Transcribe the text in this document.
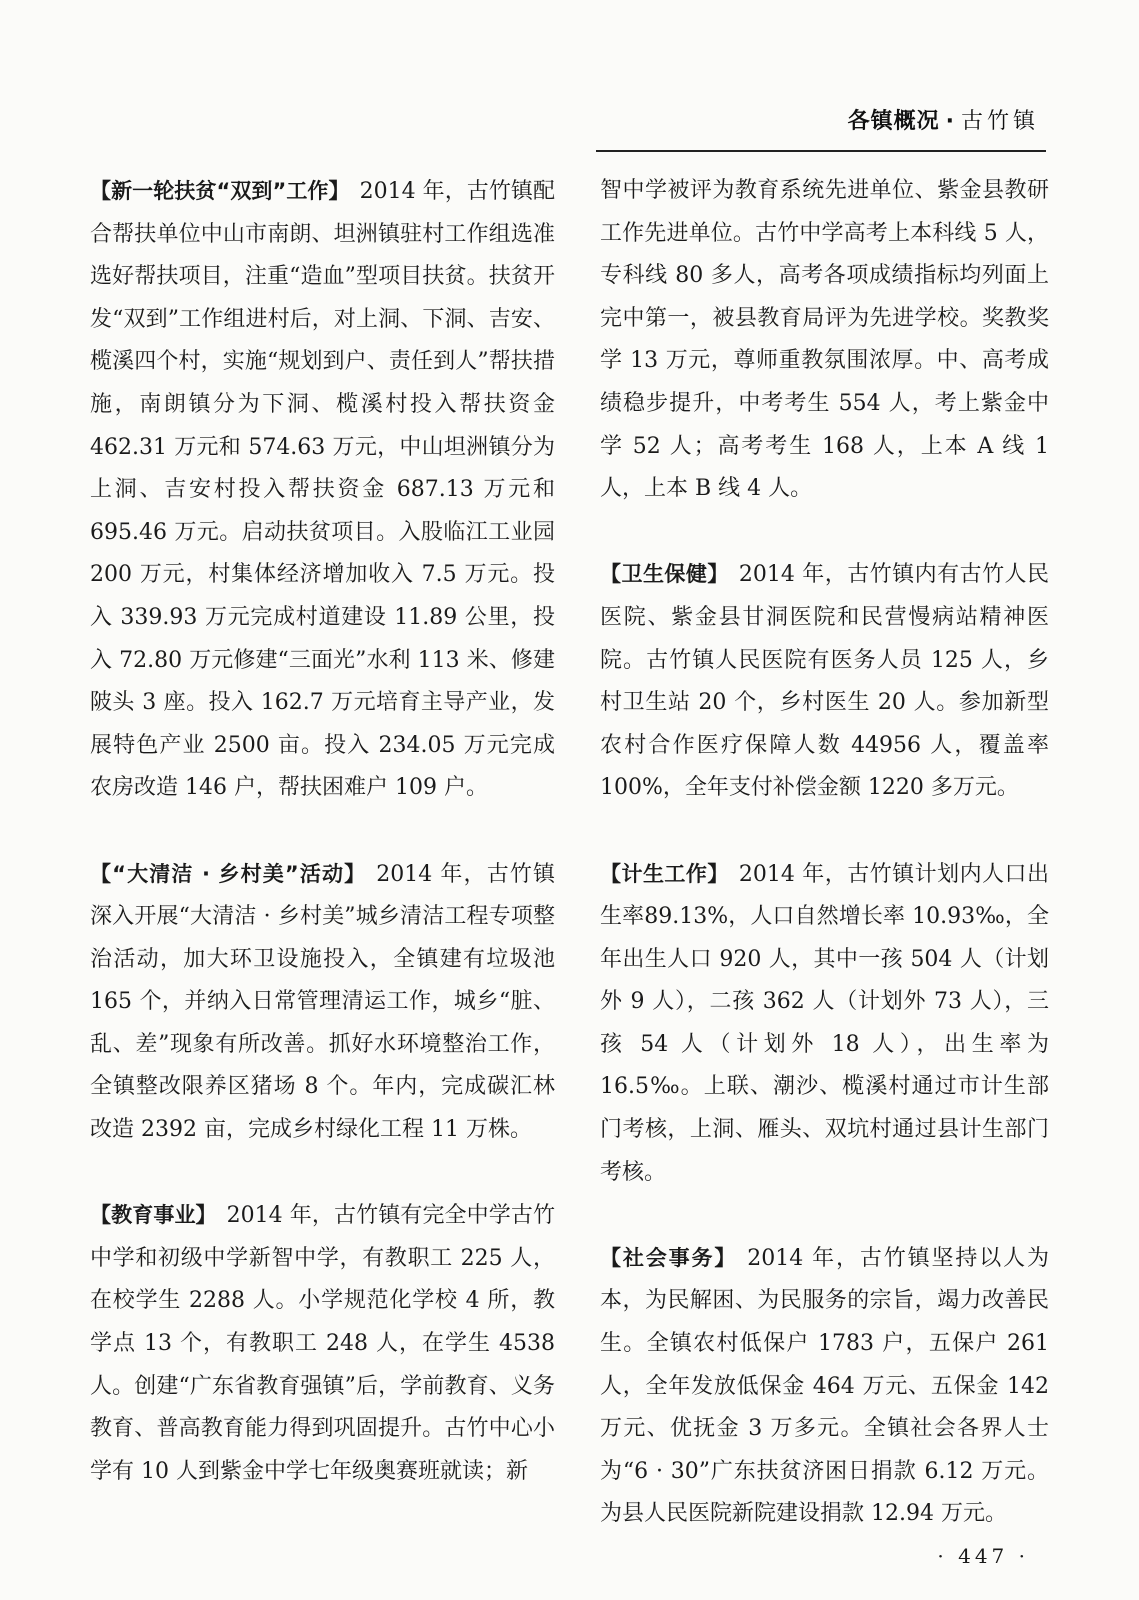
各镇概况 · 古竹镇

【新一轮扶贫“双到”工作】 2014 年，古竹镇配合帮扶单位中山市南朗、坦洲镇驻村工作组选准选好帮扶项目，注重“造血”型项目扶贫。扶贫开发“双到”工作组进村后，对上洞、下洞、吉安、榄溪四个村，实施“规划到户、责任到人”帮扶措施，南朗镇分为下洞、榄溪村投入帮扶资金 462.31 万元和 574.63 万元，中山坦洲镇分为上洞、吉安村投入帮扶资金 687.13 万元和 695.46 万元。启动扶贫项目。入股临江工业园 200 万元，村集体经济增加收入 7.5 万元。投入 339.93 万元完成村道建设 11.89 公里，投入 72.80 万元修建“三面光”水利 113 米、修建陂头 3 座。投入 162.7 万元培育主导产业，发展特色产业 2500 亩。投入 234.05 万元完成农房改造 146 户，帮扶困难户 109 户。

【“大清洁 · 乡村美”活动】 2014 年，古竹镇深入开展“大清洁 · 乡村美”城乡清洁工程专项整治活动，加大环卫设施投入，全镇建有垃圾池 165 个，并纳入日常管理清运工作，城乡“脏、乱、差”现象有所改善。抓好水环境整治工作，全镇整改限养区猪场 8 个。年内，完成碳汇林改造 2392 亩，完成乡村绿化工程 11 万株。

【教育事业】 2014 年，古竹镇有完全中学古竹中学和初级中学新智中学，有教职工 225 人，在校学生 2288 人。小学规范化学校 4 所，教学点 13 个，有教职工 248 人，在学生 4538 人。创建“广东省教育强镇”后，学前教育、义务教育、普高教育能力得到巩固提升。古竹中心小学有 10 人到紫金中学七年级奥赛班就读；新

智中学被评为教育系统先进单位、紫金县教研工作先进单位。古竹中学高考上本科线 5 人，专科线 80 多人，高考各项成绩指标均列面上完中第一，被县教育局评为先进学校。奖教奖学 13 万元，尊师重教氛围浓厚。中、高考成绩稳步提升，中考考生 554 人，考上紫金中学 52 人；高考考生 168 人，上本 A 线 1 人，上本 B 线 4 人。

【卫生保健】 2014 年，古竹镇内有古竹人民医院、紫金县甘洞医院和民营慢病站精神医院。古竹镇人民医院有医务人员 125 人，乡村卫生站 20 个，乡村医生 20 人。参加新型农村合作医疗保障人数 44956 人，覆盖率 100%，全年支付补偿金额 1220 多万元。

【计生工作】 2014 年，古竹镇计划内人口出生率89.13%，人口自然增长率 10.93‰，全年出生人口 920 人，其中一孩 504 人（计划外 9 人），二孩 362 人（计划外 73 人），三孩 54 人（计划外 18 人），出生率为 16.5‰。上联、潮沙、榄溪村通过市计生部门考核，上洞、雁头、双坑村通过县计生部门考核。

【社会事务】 2014 年，古竹镇坚持以人为本，为民解困、为民服务的宗旨，竭力改善民生。全镇农村低保户 1783 户，五保户 261 人，全年发放低保金 464 万元、五保金 142 万元、优抚金 3 万多元。全镇社会各界人士为“6 · 30”广东扶贫济困日捐款 6.12 万元。为县人民医院新院建设捐款 12.94 万元。

· 447 ·
